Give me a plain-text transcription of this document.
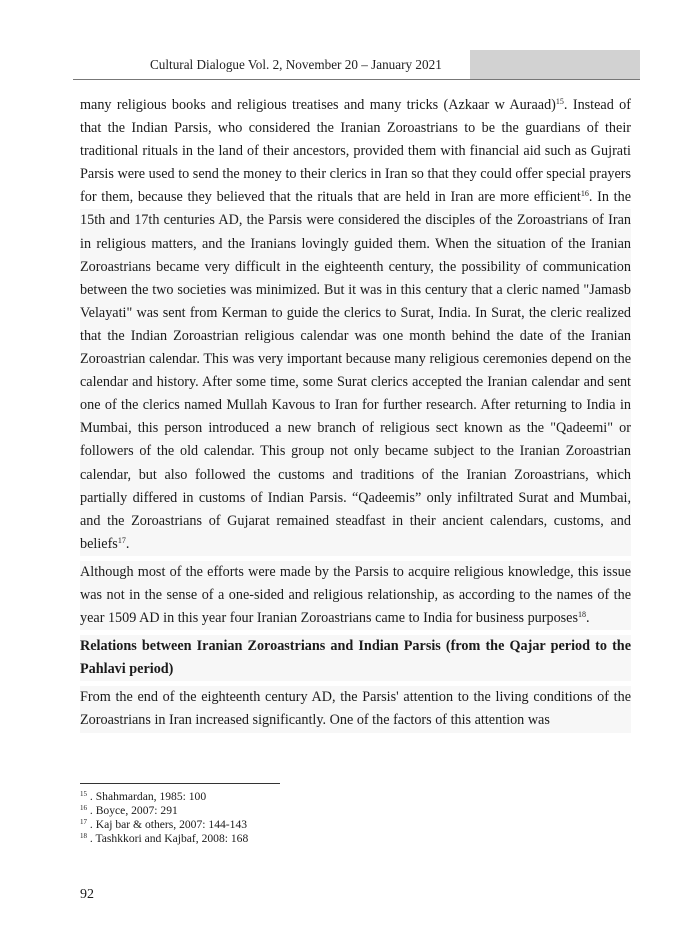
Cultural Dialogue Vol. 2, November 20 – January 2021

many religious books and religious treatises and many tricks (Azkaar w Auraad)$^{15}$. Instead of that the Indian Parsis, who considered the Iranian Zoroastrians to be the guardians of their traditional rituals in the land of their ancestors, provided them with financial aid such as Gujrati Parsis were used to send the money to their clerics in Iran so that they could offer special prayers for them, because they believed that the rituals that are held in Iran are more efficient$^{16}$. In the 15th and 17th centuries AD, the Parsis were considered the disciples of the Zoroastrians of Iran in religious matters, and the Iranians lovingly guided them. When the situation of the Iranian Zoroastrians became very difficult in the eighteenth century, the possibility of communication between the two societies was minimized. But it was in this century that a cleric named "Jamasb Velayati" was sent from Kerman to guide the clerics to Surat, India. In Surat, the cleric realized that the Indian Zoroastrian religious calendar was one month behind the date of the Iranian Zoroastrian calendar. This was very important because many religious ceremonies depend on the calendar and history. After some time, some Surat clerics accepted the Iranian calendar and sent one of the clerics named Mullah Kavous to Iran for further research. After returning to India in Mumbai, this person introduced a new branch of religious sect known as the "Qadeemi" or followers of the old calendar. This group not only became subject to the Iranian Zoroastrian calendar, but also followed the customs and traditions of the Iranian Zoroastrians, which partially differed in customs of Indian Parsis. “Qadeemis” only infiltrated Surat and Mumbai, and the Zoroastrians of Gujarat remained steadfast in their ancient calendars, customs, and beliefs$^{17}$.

Although most of the efforts were made by the Parsis to acquire religious knowledge, this issue was not in the sense of a one-sided and religious relationship, as according to the names of the year 1509 AD in this year four Iranian Zoroastrians came to India for business purposes$^{18}$.

Relations between Iranian Zoroastrians and Indian Parsis (from the Qajar period to the Pahlavi period)

From the end of the eighteenth century AD, the Parsis' attention to the living conditions of the Zoroastrians in Iran increased significantly. One of the factors of this attention was

$^{15}$ . Shahmardan, 1985: 100
$^{16}$ . Boyce, 2007: 291
$^{17}$ . Kaj bar & others, 2007: 144-143
$^{18}$ . Tashkkori and Kajbaf, 2008: 168
92
